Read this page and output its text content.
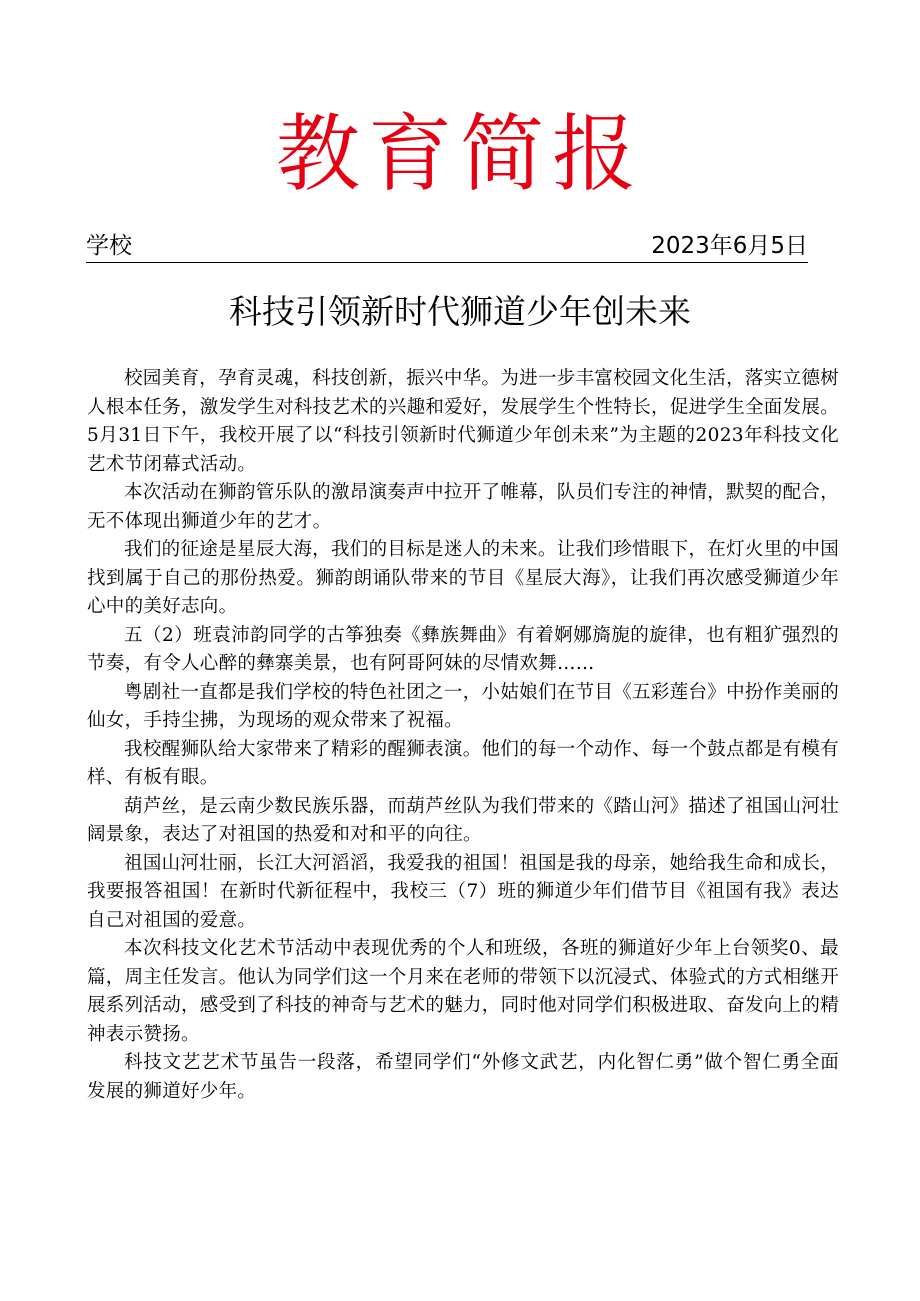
教育简报
学校	2023年6月5日
科技引领新时代狮道少年创未来

校园美育，孕育灵魂，科技创新，振兴中华。为进一步丰富校园文化生活，落实立德树人根本任务，激发学生对科技艺术的兴趣和爱好，发展学生个性特长，促进学生全面发展。5月31日下午，我校开展了以“科技引领新时代狮道少年创未来”为主题的2023年科技文化艺术节闭幕式活动。

本次活动在狮韵管乐队的激昂演奏声中拉开了帷幕，队员们专注的神情，默契的配合，无不体现出狮道少年的艺才。

我们的征途是星辰大海，我们的目标是迷人的未来。让我们珍惜眼下，在灯火里的中国找到属于自己的那份热爱。狮韵朗诵队带来的节目《星辰大海》，让我们再次感受狮道少年心中的美好志向。

五（2）班袁沛韵同学的古筝独奏《彝族舞曲》有着婀娜旖旎的旋律，也有粗犷强烈的节奏，有令人心醉的彝寨美景，也有阿哥阿妹的尽情欢舞……

粤剧社一直都是我们学校的特色社团之一，小姑娘们在节目《五彩莲台》中扮作美丽的仙女，手持尘拂，为现场的观众带来了祝福。

我校醒狮队给大家带来了精彩的醒狮表演。他们的每一个动作、每一个鼓点都是有模有样、有板有眼。

葫芦丝，是云南少数民族乐器，而葫芦丝队为我们带来的《踏山河》描述了祖国山河壮阔景象，表达了对祖国的热爱和对和平的向往。

祖国山河壮丽，长江大河滔滔，我爱我的祖国！祖国是我的母亲，她给我生命和成长，我要报答祖国！在新时代新征程中，我校三（7）班的狮道少年们借节目《祖国有我》表达自己对祖国的爱意。

本次科技文化艺术节活动中表现优秀的个人和班级，各班的狮道好少年上台领奖0、最篇，周主任发言。他认为同学们这一个月来在老师的带领下以沉浸式、体验式的方式相继开展系列活动，感受到了科技的神奇与艺术的魅力，同时他对同学们积极进取、奋发向上的精神表示赞扬。

科技文艺艺术节虽告一段落，希望同学们“外修文武艺，内化智仁勇”做个智仁勇全面发展的狮道好少年。
